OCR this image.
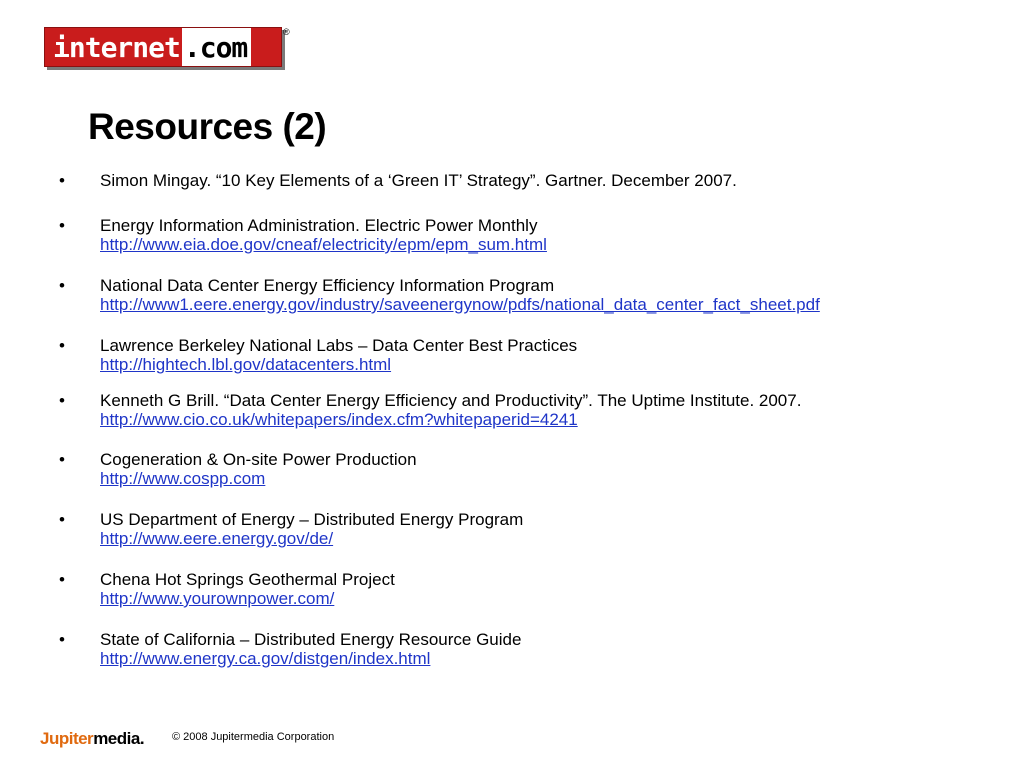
internet .com	®
Resources (2)
• Simon Mingay. “10 Key Elements of a ‘Green IT’ Strategy”. Gartner. December 2007.
• Energy Information Administration. Electric Power Monthly
http://www.eia.doe.gov/cneaf/electricity/epm/epm_sum.html
• National Data Center Energy Efficiency Information Program
http://www1.eere.energy.gov/industry/saveenergynow/pdfs/national_data_center_fact_sheet.pdf
• Lawrence Berkeley National Labs – Data Center Best Practices
http://hightech.lbl.gov/datacenters.html
• Kenneth G Brill. “Data Center Energy Efficiency and Productivity”. The Uptime Institute. 2007.
http://www.cio.co.uk/whitepapers/index.cfm?whitepaperid=4241
• Cogeneration & On-site Power Production
http://www.cospp.com
• US Department of Energy – Distributed Energy Program
http://www.eere.energy.gov/de/
• Chena Hot Springs Geothermal Project
http://www.yourownpower.com/
• State of California – Distributed Energy Resource Guide
http://www.energy.ca.gov/distgen/index.html
Jupitermedia.	© 2008 Jupitermedia Corporation
